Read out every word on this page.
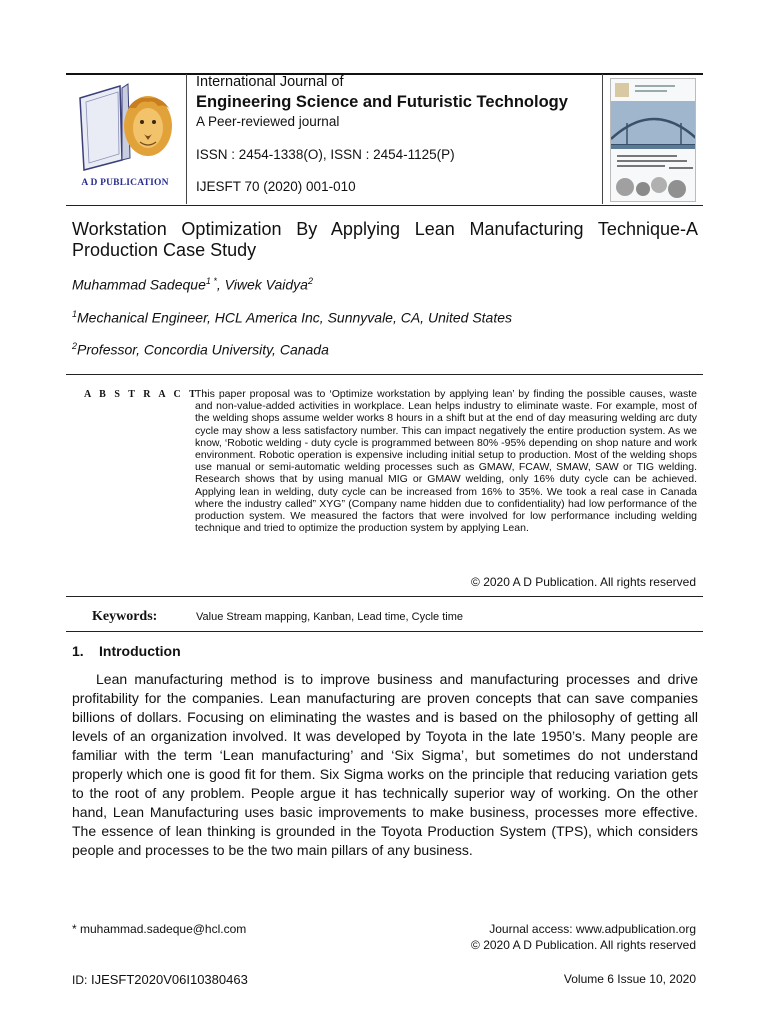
A D PUBLICATION
International Journal of
Engineering Science and Futuristic Technology
A Peer-reviewed journal
ISSN : 2454-1338(O), ISSN : 2454-1125(P)
IJESFT 70 (2020) 001-010
Workstation Optimization By Applying Lean Manufacturing Technique-A
Production Case Study
Muhammad Sadeque$^{1 *}$, Viwek Vaidya$^2$
$^1$Mechanical Engineer, HCL America Inc, Sunnyvale, CA, United States
$^2$Professor, Concordia University, Canada
A B S T R A C T :
This paper proposal was to ‘Optimize workstation by applying lean’ by finding the possible causes, waste and non-value-added activities in workplace. Lean helps industry to eliminate waste. For example, most of the welding shops assume welder works 8 hours in a shift but at the end of day measuring welding arc duty cycle may show a less satisfactory number. This can impact negatively the entire production system. As we know, ‘Robotic welding - duty cycle is programmed between 80% -95% depending on shop nature and work environment. Robotic operation is expensive including initial setup to production. Most of the welding shops use manual or semi-automatic welding processes such as GMAW, FCAW, SMAW, SAW or TIG welding. Research shows that by using manual MIG or GMAW welding, only 16% duty cycle can be achieved. Applying lean in welding, duty cycle can be increased from 16% to 35%. We took a real case in Canada where the industry called” XYG” (Company name hidden due to confidentiality) had low performance of the production system. We measured the factors that were involved for low performance including welding technique and tried to optimize the production system by applying Lean.
© 2020 A D Publication. All rights reserved
Keywords:	Value Stream mapping, Kanban, Lead time, Cycle time
1. Introduction
Lean manufacturing method is to improve business and manufacturing processes and drive profitability for the companies. Lean manufacturing are proven concepts that can save companies billions of dollars. Focusing on eliminating the wastes and is based on the philosophy of getting all levels of an organization involved. It was developed by Toyota in the late 1950’s. Many people are familiar with the term ‘Lean manufacturing’ and ‘Six Sigma’, but sometimes do not understand properly which one is good fit for them. Six Sigma works on the principle that reducing variation gets to the root of any problem. People argue it has technically superior way of working. On the other hand, Lean Manufacturing uses basic improvements to make business, processes more effective. The essence of lean thinking is grounded in the Toyota Production System (TPS), which considers people and processes to be the two main pillars of any business.
* muhammad.sadeque@hcl.com	Journal access: www.adpublication.org
© 2020 A D Publication. All rights reserved
ID: IJESFT2020V06I10380463	Volume 6 Issue 10, 2020
